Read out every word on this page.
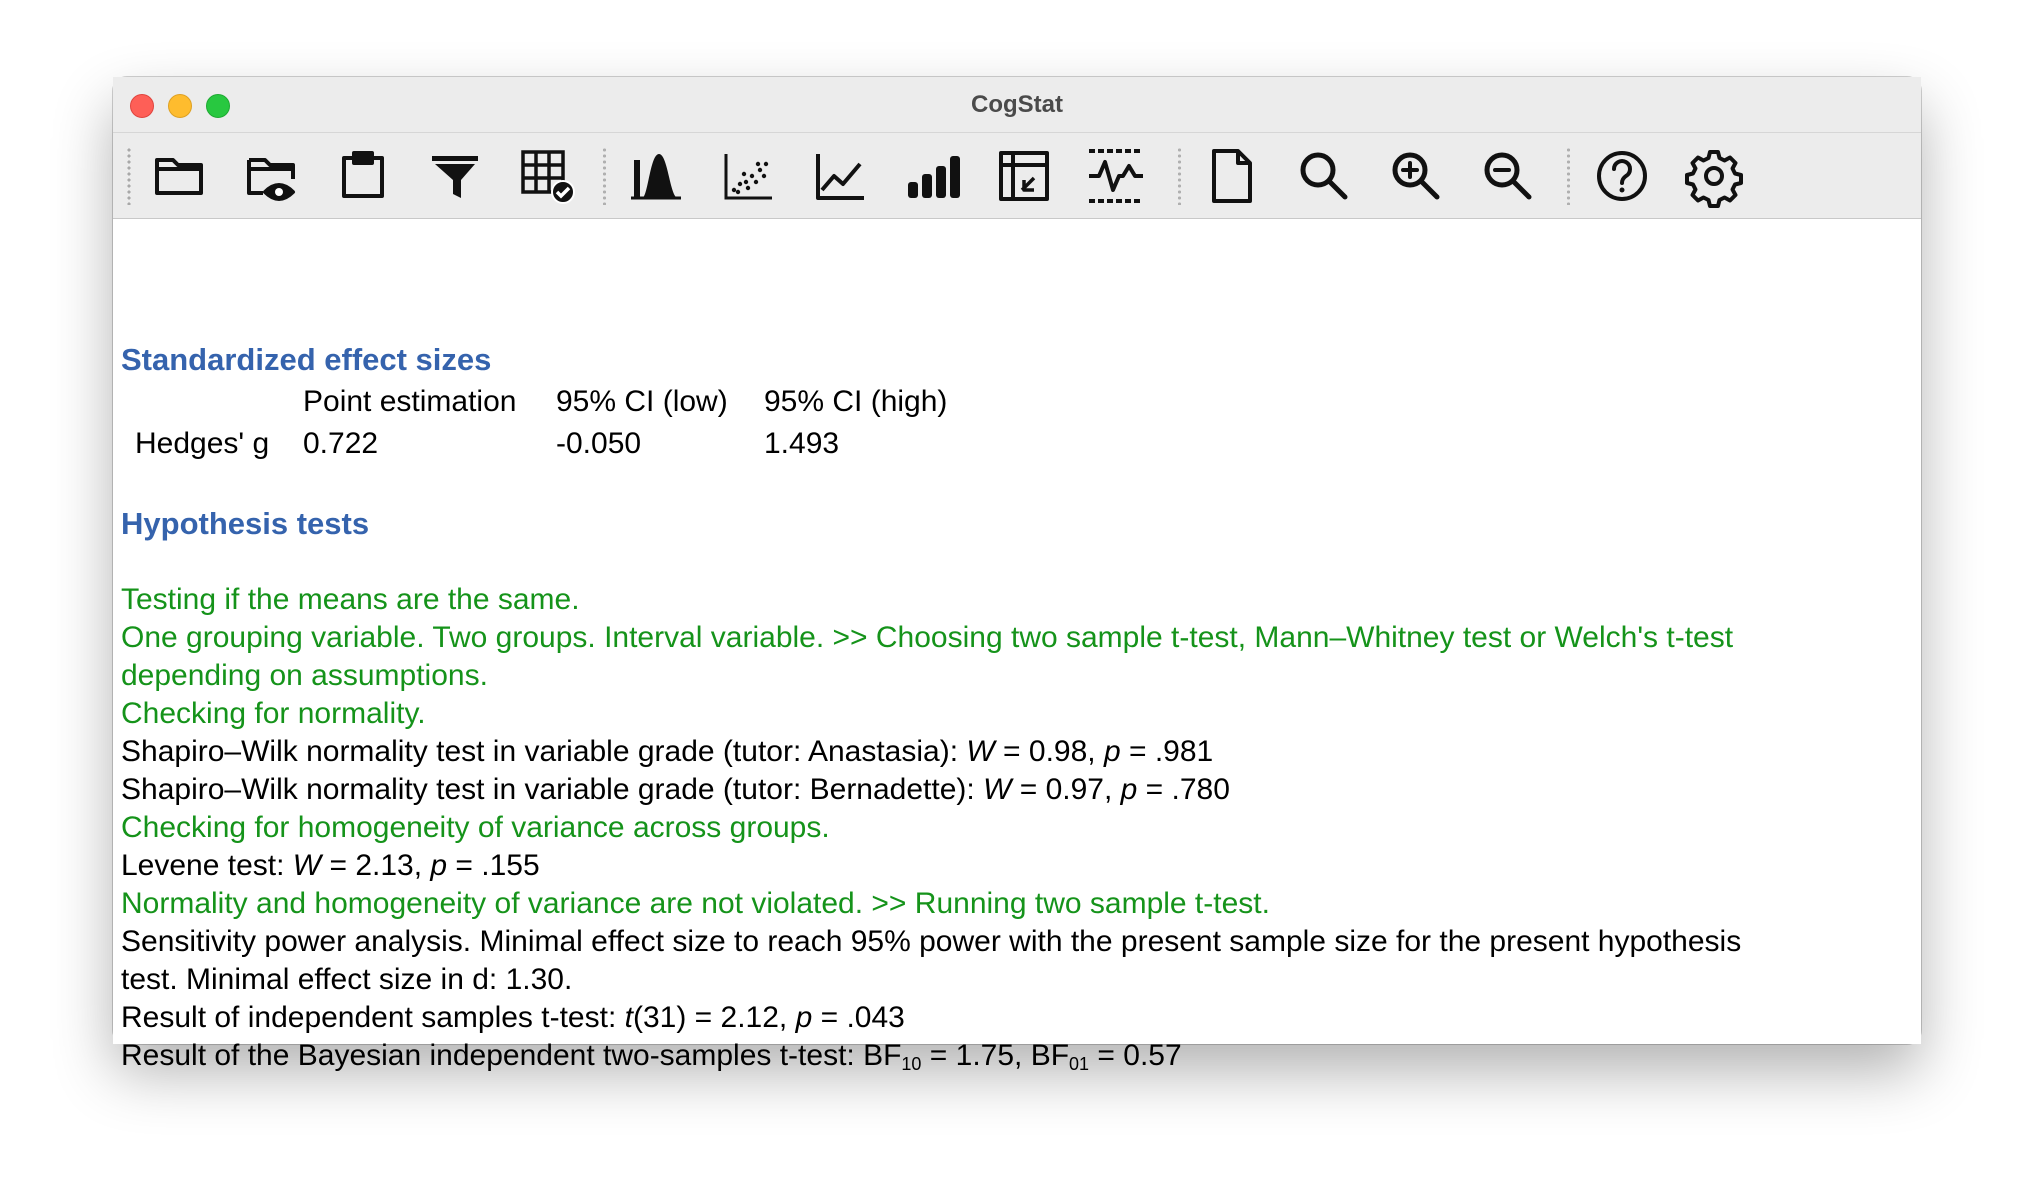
CogStat
Standardized effect sizes
Point estimation 95% CI (low) 95% CI (high)
Hedges' g 0.722	-0.050	1.493
Hypothesis tests
Testing if the means are the same.
One grouping variable. Two groups. Interval variable. >> Choosing two sample t-test, Mann–Whitney test or Welch's t-test
depending on assumptions.
Checking for normality.
Shapiro–Wilk normality test in variable grade (tutor: Anastasia): W = 0.98, p = .981
Shapiro–Wilk normality test in variable grade (tutor: Bernadette): W = 0.97, p = .780
Checking for homogeneity of variance across groups.
Levene test: W = 2.13, p = .155
Normality and homogeneity of variance are not violated. >> Running two sample t-test.
Sensitivity power analysis. Minimal effect size to reach 95% power with the present sample size for the present hypothesis
test. Minimal effect size in d: 1.30.
Result of independent samples t-test: t(31) = 2.12, p = .043
Result of the Bayesian independent two-samples t-test: $BF_{10} = 1.75$, $BF_{01} = 0.57$
